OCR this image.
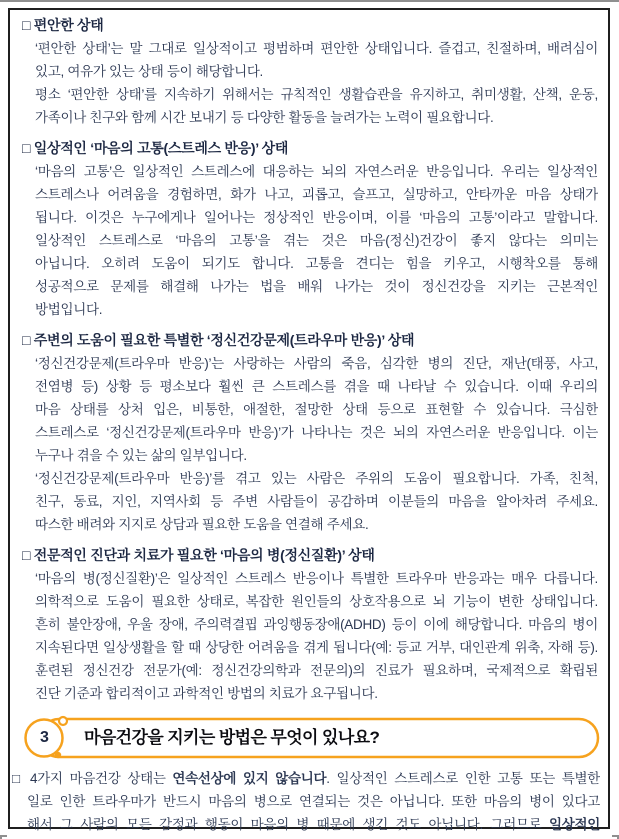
□ 편안한 상태
‘편안한 상태’는 말 그대로 일상적이고 평범하며 편안한 상태입니다. 즐겁고, 친절하며, 배려심이
있고, 여유가 있는 상태 등이 해당합니다.
평소 ‘편안한 상태’를 지속하기 위해서는 규칙적인 생활습관을 유지하고, 취미생활, 산책, 운동,
가족이나 친구와 함께 시간 보내기 등 다양한 활동을 늘려가는 노력이 필요합니다.
□ 일상적인 ‘마음의 고통(스트레스 반응)’ 상태
‘마음의 고통’은 일상적인 스트레스에 대응하는 뇌의 자연스러운 반응입니다. 우리는 일상적인
스트레스나 어려움을 경험하면, 화가 나고, 괴롭고, 슬프고, 실망하고, 안타까운 마음 상태가
됩니다. 이것은 누구에게나 일어나는 정상적인 반응이며, 이를 ‘마음의 고통’이라고 말합니다.
일상적인 스트레스로 ‘마음의 고통’을 겪는 것은 마음(정신)건강이 좋지 않다는 의미는
아닙니다. 오히려 도움이 되기도 합니다. 고통을 견디는 힘을 키우고, 시행착오를 통해
성공적으로 문제를 해결해 나가는 법을 배워 나가는 것이 정신건강을 지키는 근본적인
방법입니다.
□ 주변의 도움이 필요한 특별한 ‘정신건강문제(트라우마 반응)’ 상태
‘정신건강문제(트라우마 반응)’는 사랑하는 사람의 죽음, 심각한 병의 진단, 재난(태풍, 사고,
전염병 등) 상황 등 평소보다 훨씬 큰 스트레스를 겪을 때 나타날 수 있습니다. 이때 우리의
마음 상태를 상처 입은, 비통한, 애절한, 절망한 상태 등으로 표현할 수 있습니다. 극심한
스트레스로 ‘정신건강문제(트라우마 반응)’가 나타나는 것은 뇌의 자연스러운 반응입니다. 이는
누구나 겪을 수 있는 삶의 일부입니다.
‘정신건강문제(트라우마 반응)’를 겪고 있는 사람은 주위의 도움이 필요합니다. 가족, 친척,
친구, 동료, 지인, 지역사회 등 주변 사람들이 공감하며 이분들의 마음을 알아차려 주세요.
따스한 배려와 지지로 상담과 필요한 도움을 연결해 주세요.
□ 전문적인 진단과 치료가 필요한 ‘마음의 병(정신질환)’ 상태
‘마음의 병(정신질환)’은 일상적인 스트레스 반응이나 특별한 트라우마 반응과는 매우 다릅니다.
의학적으로 도움이 필요한 상태로, 복잡한 원인들의 상호작용으로 뇌 기능이 변한 상태입니다.
흔히 불안장애, 우울 장애, 주의력결핍 과잉행동장애(ADHD) 등이 이에 해당합니다. 마음의 병이
지속된다면 일상생활을 할 때 상당한 어려움을 겪게 됩니다(예: 등교 거부, 대인관계 위축, 자해 등).
훈련된 정신건강 전문가(예: 정신건강의학과 전문의)의 진료가 필요하며, 국제적으로 확립된
진단 기준과 합리적이고 과학적인 방법의 치료가 요구됩니다.
3	마음건강을 지키는 방법은 무엇이 있나요?
□ 4가지 마음건강 상태는 연속선상에 있지 않습니다. 일상적인 스트레스로 인한 고통 또는 특별한
일로 인한 트라우마가 반드시 마음의 병으로 연결되는 것은 아닙니다. 또한 마음의 병이 있다고
해서 그 사람의 모든 감정과 행동이 마음의 병 때문에 생긴 것도 아닙니다. 그러므로 일상적인
